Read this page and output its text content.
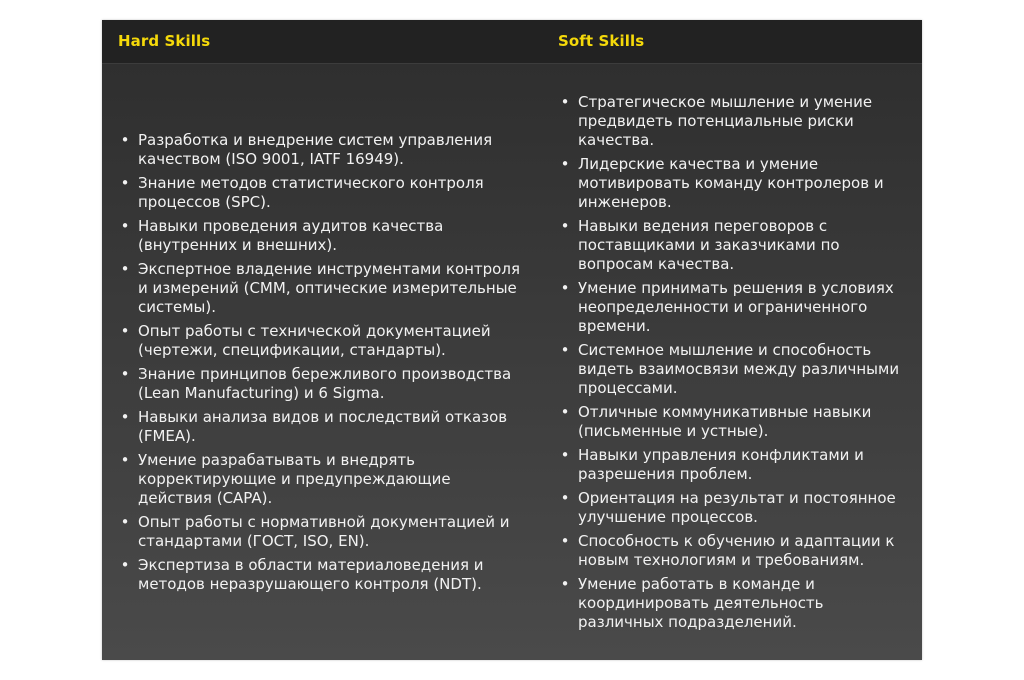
Hard Skills	Soft Skills
• Разработка и внедрение систем управления качеством (ISO 9001, IATF 16949).
• Знание методов статистического контроля процессов (SPC).
• Навыки проведения аудитов качества (внутренних и внешних).
• Экспертное владение инструментами контроля и измерений (CMM, оптические измерительные системы).
• Опыт работы с технической документацией (чертежи, спецификации, стандарты).
• Знание принципов бережливого производства (Lean Manufacturing) и 6 Sigma.
• Навыки анализа видов и последствий отказов (FMEA).
• Умение разрабатывать и внедрять корректирующие и предупреждающие действия (CAPA).
• Опыт работы с нормативной документацией и стандартами (ГОСТ, ISO, EN).
• Экспертиза в области материаловедения и методов неразрушающего контроля (NDT).
• Стратегическое мышление и умение предвидеть потенциальные риски качества.
• Лидерские качества и умение мотивировать команду контролеров и инженеров.
• Навыки ведения переговоров с поставщиками и заказчиками по вопросам качества.
• Умение принимать решения в условиях неопределенности и ограниченного времени.
• Системное мышление и способность видеть взаимосвязи между различными процессами.
• Отличные коммуникативные навыки (письменные и устные).
• Навыки управления конфликтами и разрешения проблем.
• Ориентация на результат и постоянное улучшение процессов.
• Способность к обучению и адаптации к новым технологиям и требованиям.
• Умение работать в команде и координировать деятельность различных подразделений.
